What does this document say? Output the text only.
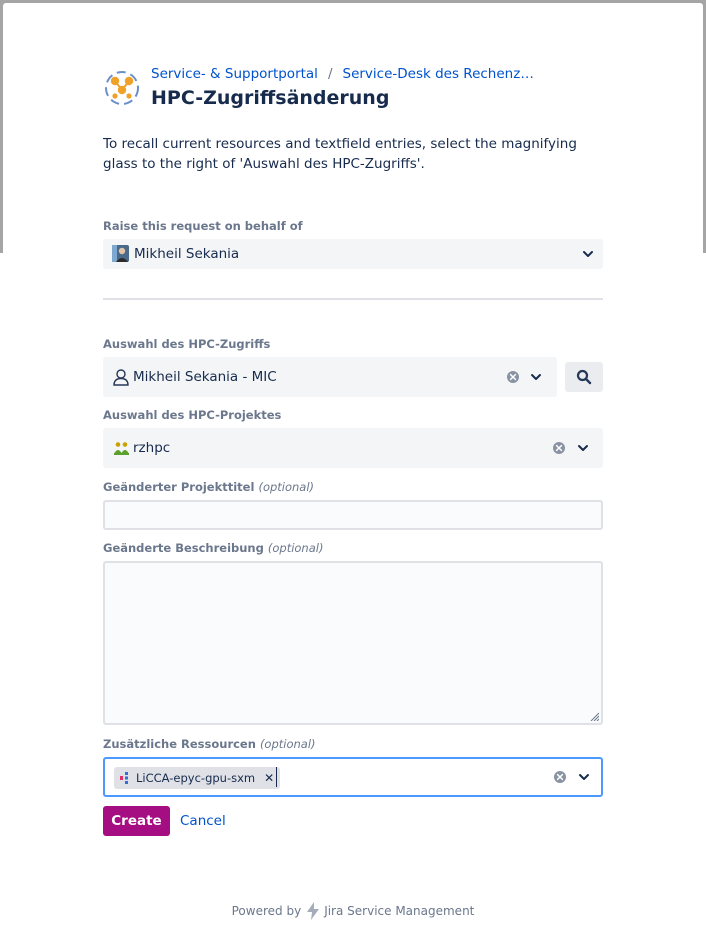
Service- & Supportportal / Service-Desk des Rechenz…
HPC-Zugriffsänderung
To recall current resources and textfield entries, select the magnifying glass to the right of 'Auswahl des HPC-Zugriffs'.
Raise this request on behalf of
Mikheil Sekania
Auswahl des HPC-Zugriffs
Mikheil Sekania - MIC
Auswahl des HPC-Projektes
rzhpc
Geänderter Projekttitel (optional)
Geänderte Beschreibung (optional)
Zusätzliche Ressourcen (optional)
LiCCA-epyc-gpu-sxm ✕
Create	Cancel
Powered by Jira Service Management
